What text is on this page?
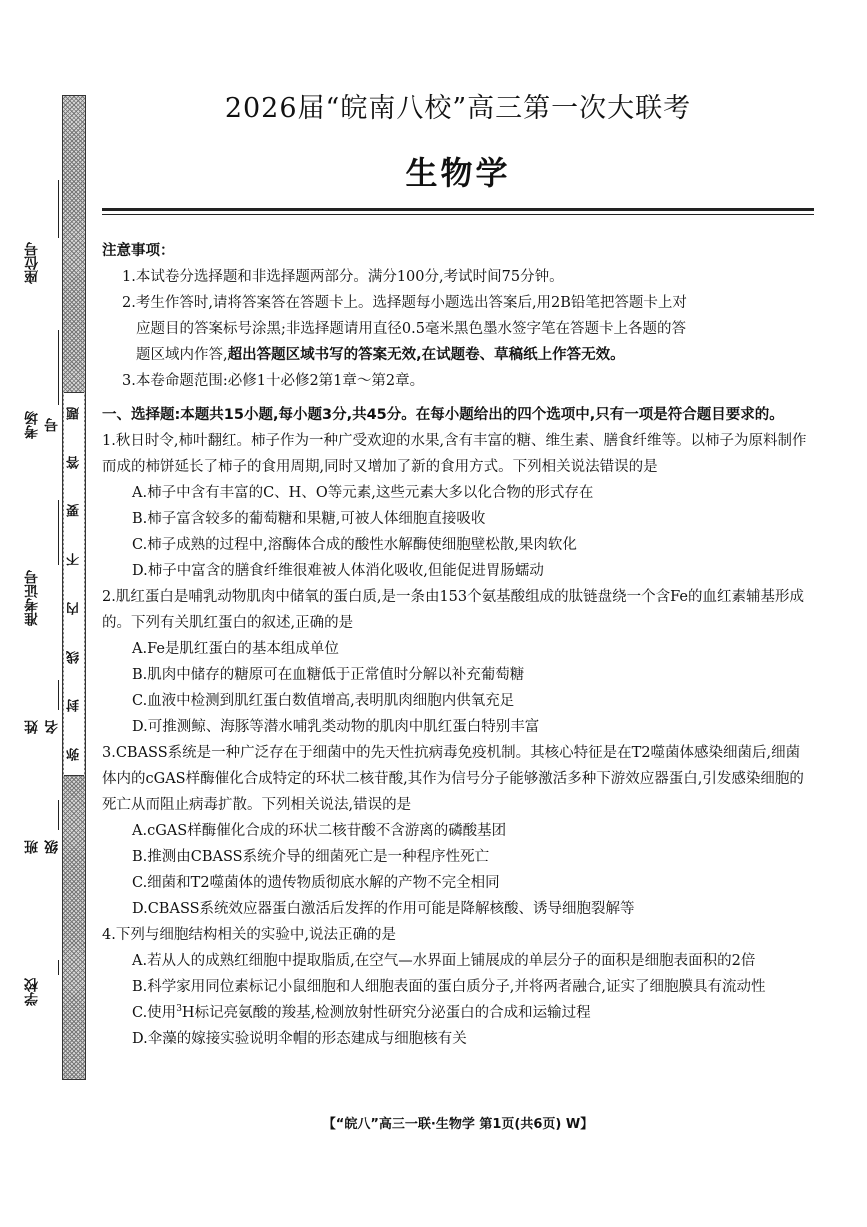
座位号
考场号
准考证号
姓名
班级
学校
题
答
要
不
内
线
封
弥
2026届“皖南八校”高三第一次大联考
生物学
注意事项：
1.本试卷分选择题和非选择题两部分。满分100分,考试时间75分钟。
2.考生作答时,请将答案答在答题卡上。选择题每小题选出答案后,用2B铅笔把答题卡上对
应题目的答案标号涂黑;非选择题请用直径0.5毫米黑色墨水签字笔在答题卡上各题的答
题区域内作答,超出答题区域书写的答案无效,在试题卷、草稿纸上作答无效。
3.本卷命题范围:必修1十必修2第1章～第2章。
一、选择题:本题共15小题,每小题3分,共45分。在每小题给出的四个选项中,只有一项是符合题目要求的。
1.秋日时令,柿叶翻红。柿子作为一种广受欢迎的水果,含有丰富的糖、维生素、膳食纤维等。以柿子为原料制作而成的柿饼延长了柿子的食用周期,同时又增加了新的食用方式。下列相关说法错误的是
A.柿子中含有丰富的C、H、O等元素,这些元素大多以化合物的形式存在
B.柿子富含较多的葡萄糖和果糖,可被人体细胞直接吸收
C.柿子成熟的过程中,溶酶体合成的酸性水解酶使细胞壁松散,果肉软化
D.柿子中富含的膳食纤维很难被人体消化吸收,但能促进胃肠蠕动
2.肌红蛋白是哺乳动物肌肉中储氧的蛋白质,是一条由153个氨基酸组成的肽链盘绕一个含Fe的血红素辅基形成的。下列有关肌红蛋白的叙述,正确的是
A.Fe是肌红蛋白的基本组成单位
B.肌肉中储存的糖原可在血糖低于正常值时分解以补充葡萄糖
C.血液中检测到肌红蛋白数值增高,表明肌肉细胞内供氧充足
D.可推测鲸、海豚等潜水哺乳类动物的肌肉中肌红蛋白特别丰富
3.CBASS系统是一种广泛存在于细菌中的先天性抗病毒免疫机制。其核心特征是在T2噬菌体感染细菌后,细菌体内的cGAS样酶催化合成特定的环状二核苷酸,其作为信号分子能够激活多种下游效应器蛋白,引发感染细胞的死亡从而阻止病毒扩散。下列相关说法,错误的是
A.cGAS样酶催化合成的环状二核苷酸不含游离的磷酸基团
B.推测由CBASS系统介导的细菌死亡是一种程序性死亡
C.细菌和T2噬菌体的遗传物质彻底水解的产物不完全相同
D.CBASS系统效应器蛋白激活后发挥的作用可能是降解核酸、诱导细胞裂解等
4.下列与细胞结构相关的实验中,说法正确的是
A.若从人的成熟红细胞中提取脂质,在空气—水界面上铺展成的单层分子的面积是细胞表面积的2倍
B.科学家用同位素标记小鼠细胞和人细胞表面的蛋白质分子,并将两者融合,证实了细胞膜具有流动性
C.使用$^3$H标记亮氨酸的羧基,检测放射性研究分泌蛋白的合成和运输过程
D.伞藻的嫁接实验说明伞帽的形态建成与细胞核有关
【“皖八”高三一联·生物学 第1页(共6页) W】
